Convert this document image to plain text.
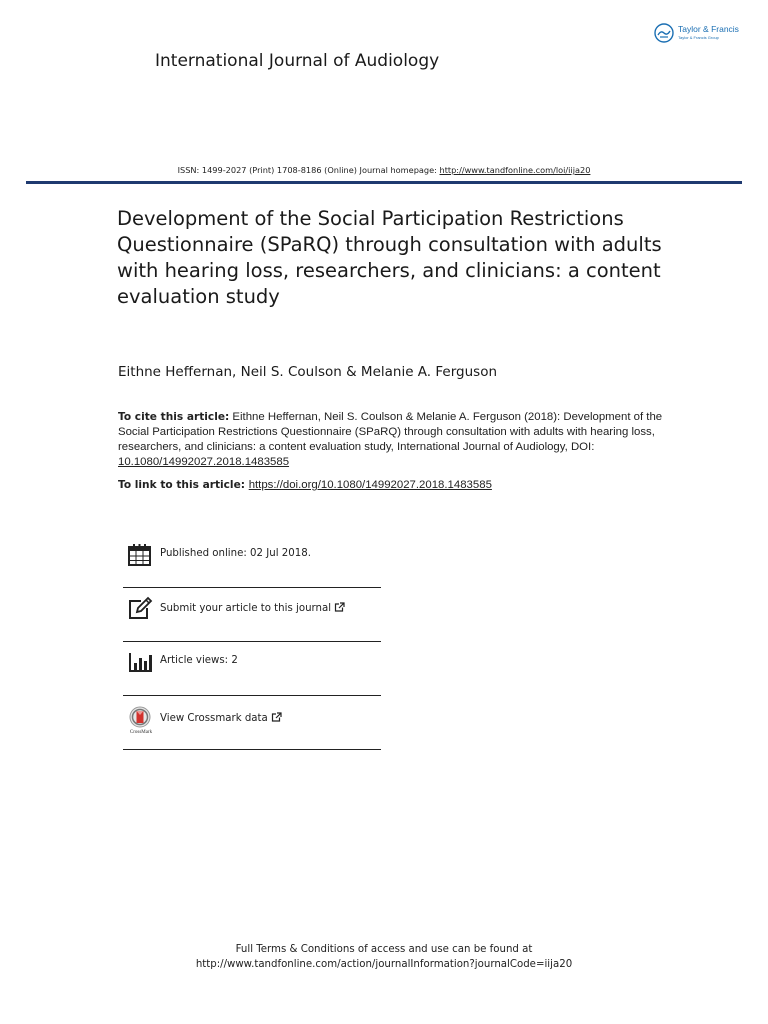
Taylor & Francis
Taylor & Francis Group
International Journal of Audiology
ISSN: 1499-2027 (Print) 1708-8186 (Online) Journal homepage: http://www.tandfonline.com/loi/iija20
Development of the Social Participation Restrictions Questionnaire (SPaRQ) through consultation with adults with hearing loss, researchers, and clinicians: a content evaluation study
Eithne Heffernan, Neil S. Coulson & Melanie A. Ferguson
To cite this article: Eithne Heffernan, Neil S. Coulson & Melanie A. Ferguson (2018): Development of the Social Participation Restrictions Questionnaire (SPaRQ) through consultation with adults with hearing loss, researchers, and clinicians: a content evaluation study, International Journal of Audiology, DOI: 10.1080/14992027.2018.1483585
To link to this article: https://doi.org/10.1080/14992027.2018.1483585
Published online: 02 Jul 2018.
Submit your article to this journal
Article views: 2
CrossMark
View Crossmark data
Full Terms & Conditions of access and use can be found at
http://www.tandfonline.com/action/journalInformation?journalCode=iija20
